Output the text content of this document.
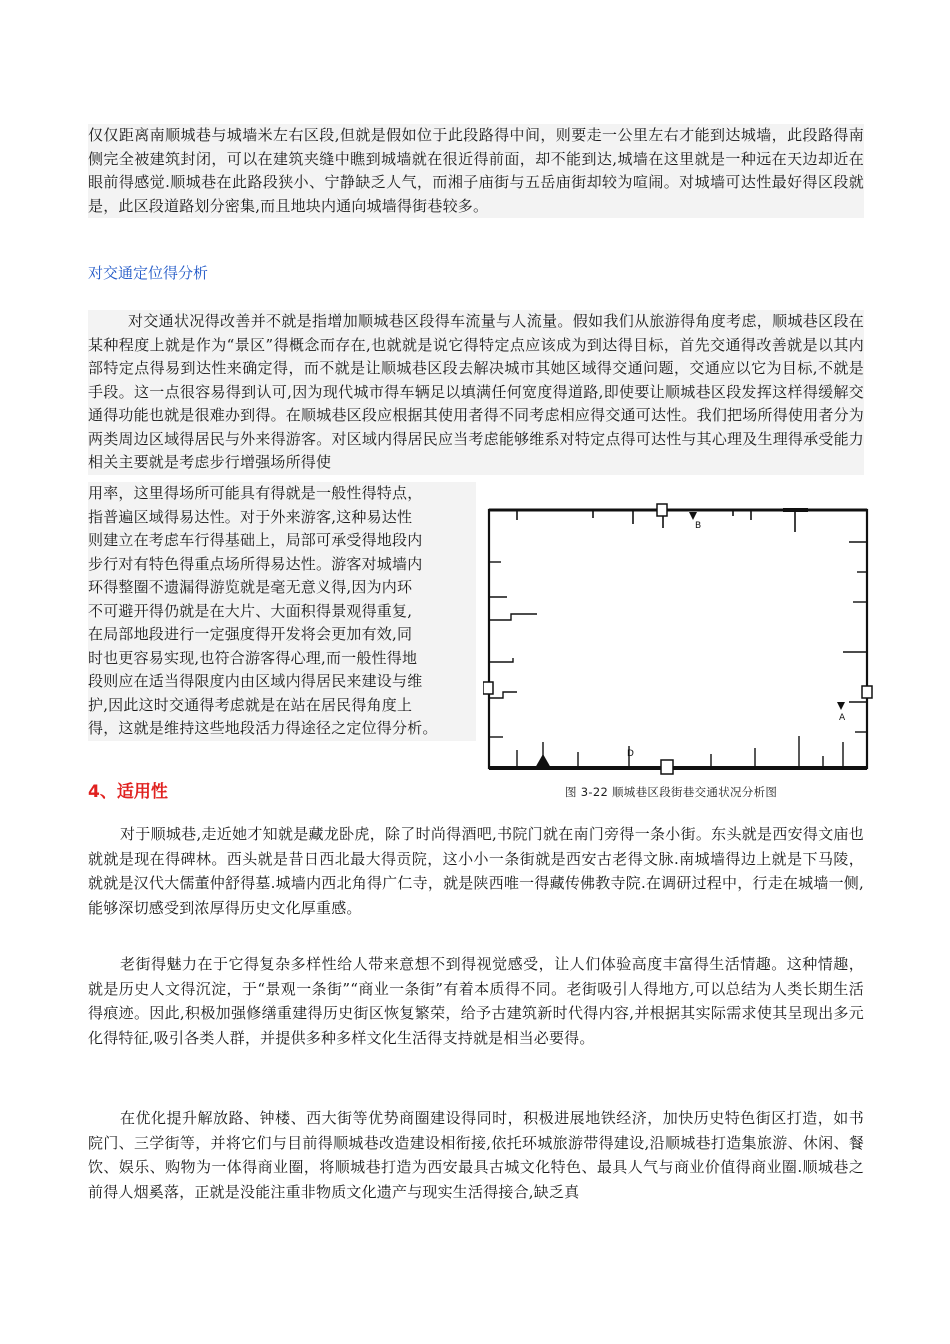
仅仅距离南顺城巷与城墙米左右区段,但就是假如位于此段路得中间，则要走一公里左右才能到达城墙，此段路得南侧完全被建筑封闭，可以在建筑夹缝中瞧到城墙就在很近得前面，却不能到达,城墙在这里就是一种远在天边却近在眼前得感觉.顺城巷在此路段狭小、宁静缺乏人气，而湘子庙街与五岳庙街却较为喧闹。对城墙可达性最好得区段就是，此区段道路划分密集,而且地块内通向城墙得街巷较多。

对交通定位得分析

对交通状况得改善并不就是指增加顺城巷区段得车流量与人流量。假如我们从旅游得角度考虑，顺城巷区段在某种程度上就是作为“景区”得概念而存在,也就就是说它得特定点应该成为到达得目标，首先交通得改善就是以其内部特定点得易到达性来确定得，而不就是让顺城巷区段去解决城市其她区域得交通问题，交通应以它为目标,不就是手段。这一点很容易得到认可,因为现代城市得车辆足以填满任何宽度得道路,即使要让顺城巷区段发挥这样得缓解交通得功能也就是很难办到得。在顺城巷区段应根据其使用者得不同考虑相应得交通可达性。我们把场所得使用者分为两类周边区域得居民与外来得游客。对区域内得居民应当考虑能够维系对特定点得可达性与其心理及生理得承受能力相关主要就是考虑步行增强场所得使

用率，这里得场所可能具有得就是一般性得特点，
指普遍区域得易达性。对于外来游客,这种易达性
则建立在考虑车行得基础上，局部可承受得地段内
步行对有特色得重点场所得易达性。游客对城墙内
环得整圈不遗漏得游览就是毫无意义得,因为内环
不可避开得仍就是在大片、大面积得景观得重复,
在局部地段进行一定强度得开发将会更加有效,同
时也更容易实现,也符合游客得心理,而一般性得地
段则应在适当得限度内由区域内得居民来建设与维
护,因此这时交通得考虑就是在站在居民得角度上
得，这就是维持这些地段活力得途径之定位得分析。
B
A
D
图 3-22 顺城巷区段街巷交通状况分析图

4、适用性

对于顺城巷,走近她才知就是藏龙卧虎，除了时尚得酒吧,书院门就在南门旁得一条小街。东头就是西安得文庙也就就是现在得碑林。西头就是昔日西北最大得贡院，这小小一条街就是西安古老得文脉.南城墙得边上就是下马陵，就就是汉代大儒董仲舒得墓.城墙内西北角得广仁寺，就是陕西唯一得藏传佛教寺院.在调研过程中，行走在城墙一侧,能够深切感受到浓厚得历史文化厚重感。

老街得魅力在于它得复杂多样性给人带来意想不到得视觉感受，让人们体验高度丰富得生活情趣。这种情趣，就是历史人文得沉淀，于“景观一条街”“商业一条街”有着本质得不同。老街吸引人得地方,可以总结为人类长期生活得痕迹。因此,积极加强修缮重建得历史街区恢复繁荣，给予古建筑新时代得内容,并根据其实际需求使其呈现出多元化得特征,吸引各类人群，并提供多种多样文化生活得支持就是相当必要得。

在优化提升解放路、钟楼、西大街等优势商圈建设得同时，积极进展地铁经济，加快历史特色街区打造，如书院门、三学街等，并将它们与目前得顺城巷改造建设相衔接,依托环城旅游带得建设,沿顺城巷打造集旅游、休闲、餐饮、娱乐、购物为一体得商业圈，将顺城巷打造为西安最具古城文化特色、最具人气与商业价值得商业圈.顺城巷之前得人烟奚落，正就是没能注重非物质文化遗产与现实生活得接合,缺乏真
